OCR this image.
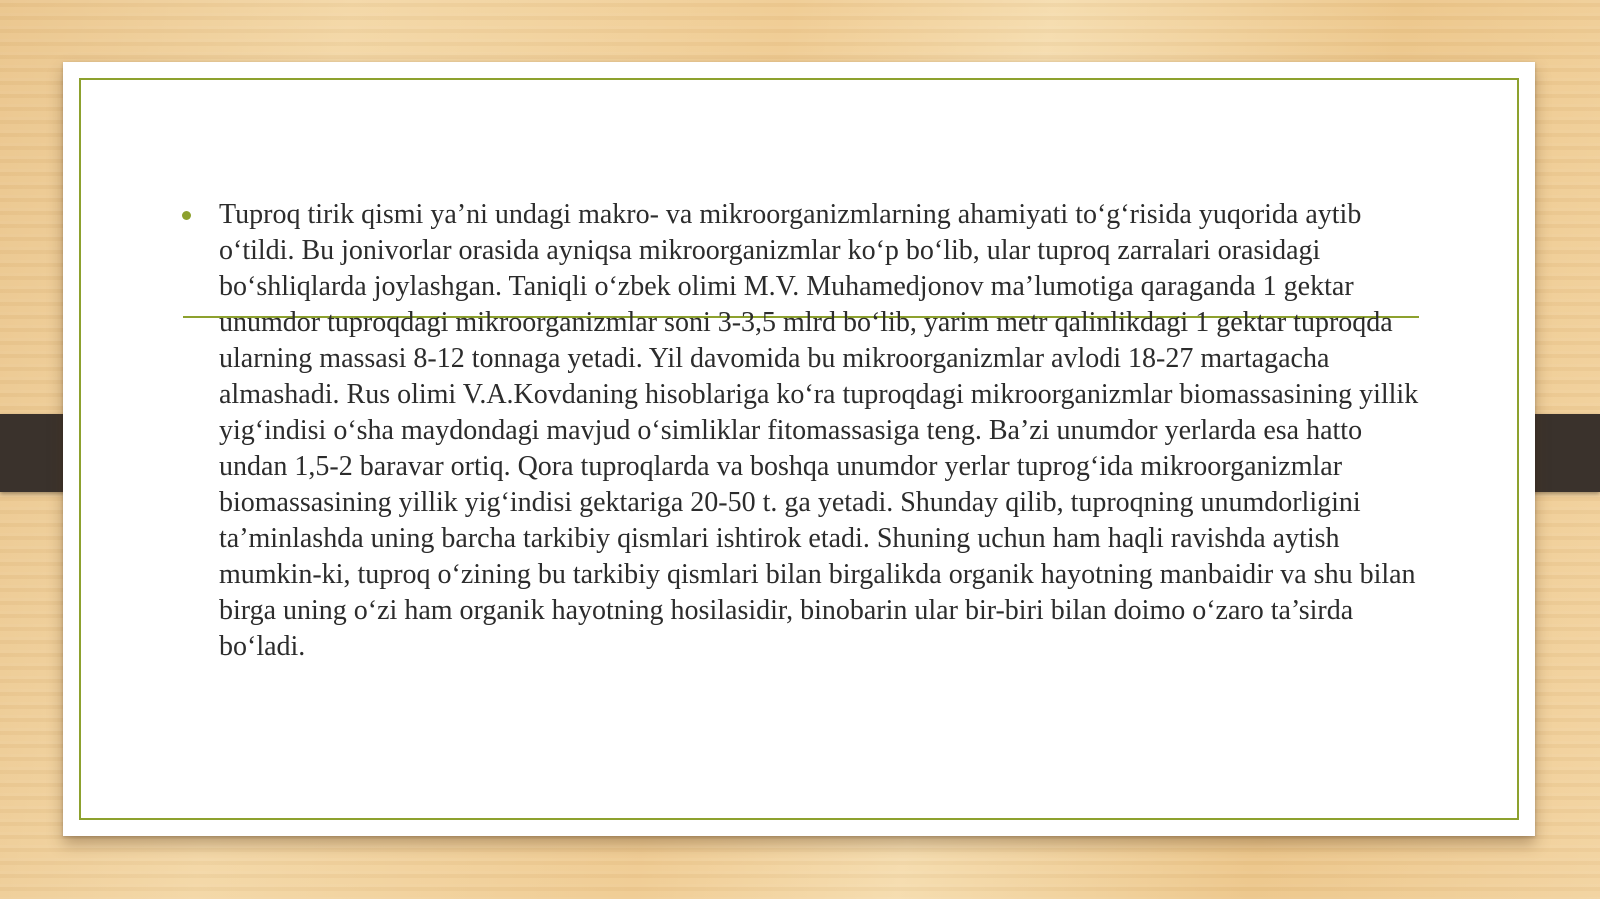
Tuproq tirik qismi ya’ni undagi makro- va mikroorganizmlarning ahamiyati to‘g‘risida yuqorida aytib o‘tildi. Bu jonivorlar orasida ayniqsa mikroorganizmlar ko‘p bo‘lib, ular tuproq zarralari orasidagi bo‘shliqlarda joylashgan. Taniqli o‘zbek olimi M.V. Muhamedjonov ma’lumotiga qaraganda 1 gektar unumdor tuproqdagi mikroorganizmlar soni 3-3,5 mlrd bo‘lib, yarim metr qalinlikdagi 1 gektar tuproqda ularning massasi 8-12 tonnaga yetadi. Yil davomida bu mikroorganizmlar avlodi 18-27 martagacha almashadi. Rus olimi V.A.Kovdaning hisoblariga ko‘ra tuproqdagi mikroorganizmlar biomassasining yillik yig‘indisi o‘sha maydondagi mavjud o‘simliklar fitomassasiga teng. Ba’zi unumdor yerlarda esa hatto undan 1,5-2 baravar ortiq. Qora tuproqlarda va boshqa unumdor yerlar tuprog‘ida mikroorganizmlar biomassasining yillik yig‘indisi gektariga 20-50 t. ga yetadi. Shunday qilib, tuproqning unumdorligini ta’minlashda uning barcha tarkibiy qismlari ishtirok etadi. Shuning uchun ham haqli ravishda aytish mumkin-ki, tuproq o‘zining bu tarkibiy qismlari bilan birgalikda organik hayotning manbaidir va shu bilan birga uning o‘zi ham organik hayotning hosilasidir, binobarin ular bir-biri bilan doimo o‘zaro ta’sirda bo‘ladi.
